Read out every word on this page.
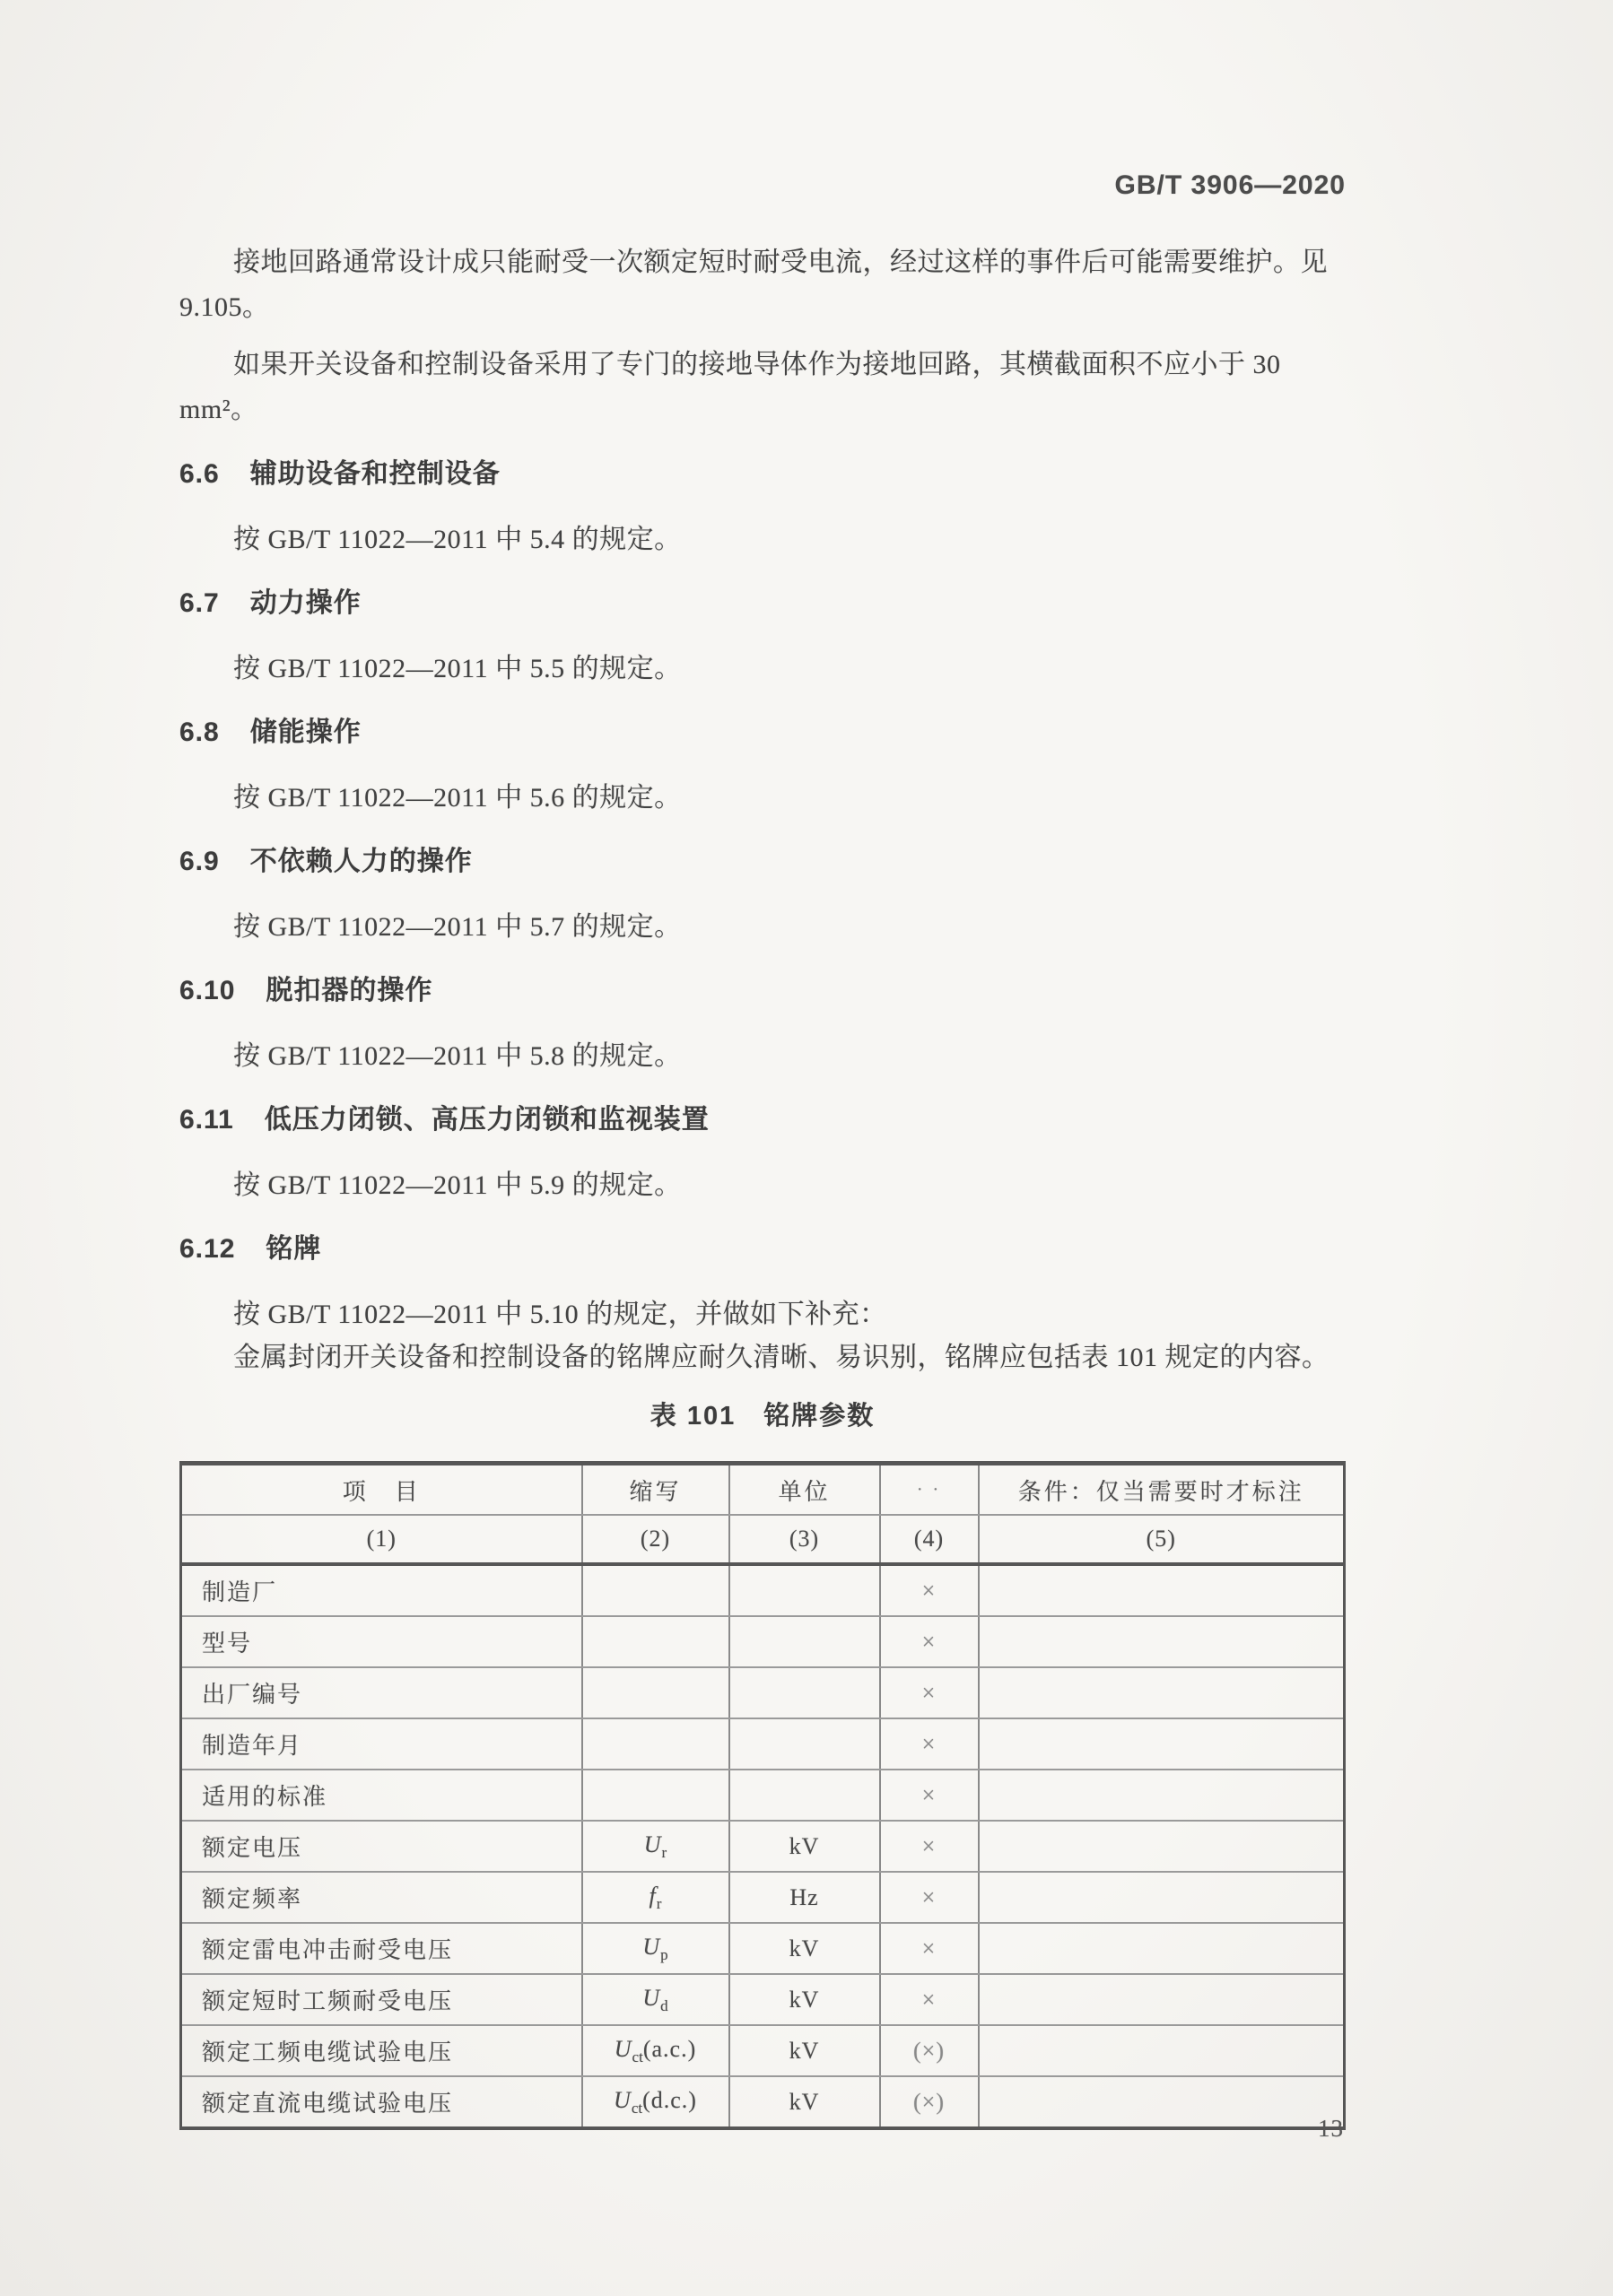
GB/T 3906—2020

接地回路通常设计成只能耐受一次额定短时耐受电流，经过这样的事件后可能需要维护。见 9.105。

如果开关设备和控制设备采用了专门的接地导体作为接地回路，其横截面积不应小于 30 mm²。

6.6 辅助设备和控制设备

按 GB/T 11022—2011 中 5.4 的规定。

6.7 动力操作

按 GB/T 11022—2011 中 5.5 的规定。

6.8 储能操作

按 GB/T 11022—2011 中 5.6 的规定。

6.9 不依赖人力的操作

按 GB/T 11022—2011 中 5.7 的规定。

6.10 脱扣器的操作

按 GB/T 11022—2011 中 5.8 的规定。

6.11 低压力闭锁、高压力闭锁和监视装置

按 GB/T 11022—2011 中 5.9 的规定。

6.12 铭牌

按 GB/T 11022—2011 中 5.10 的规定，并做如下补充：

金属封闭开关设备和控制设备的铭牌应耐久清晰、易识别，铭牌应包括表 101 规定的内容。

表 101　铭牌参数
项　目	缩写	单位	· ·	条件：仅当需要时才标注
(1)	(2)	(3)	(4)	(5)
制造厂			×	
型号			×	
出厂编号			×	
制造年月			×	
适用的标准			×	
额定电压	$U_r$	kV	×	
额定频率	$f_r$	Hz	×	
额定雷电冲击耐受电压	$U_p$	kV	×	
额定短时工频耐受电压	$U_d$	kV	×	
额定工频电缆试验电压	$U_{ct}(a.c.)$	kV	(×)	
额定直流电缆试验电压	$U_{ct}(d.c.)$	kV	(×)	
13
